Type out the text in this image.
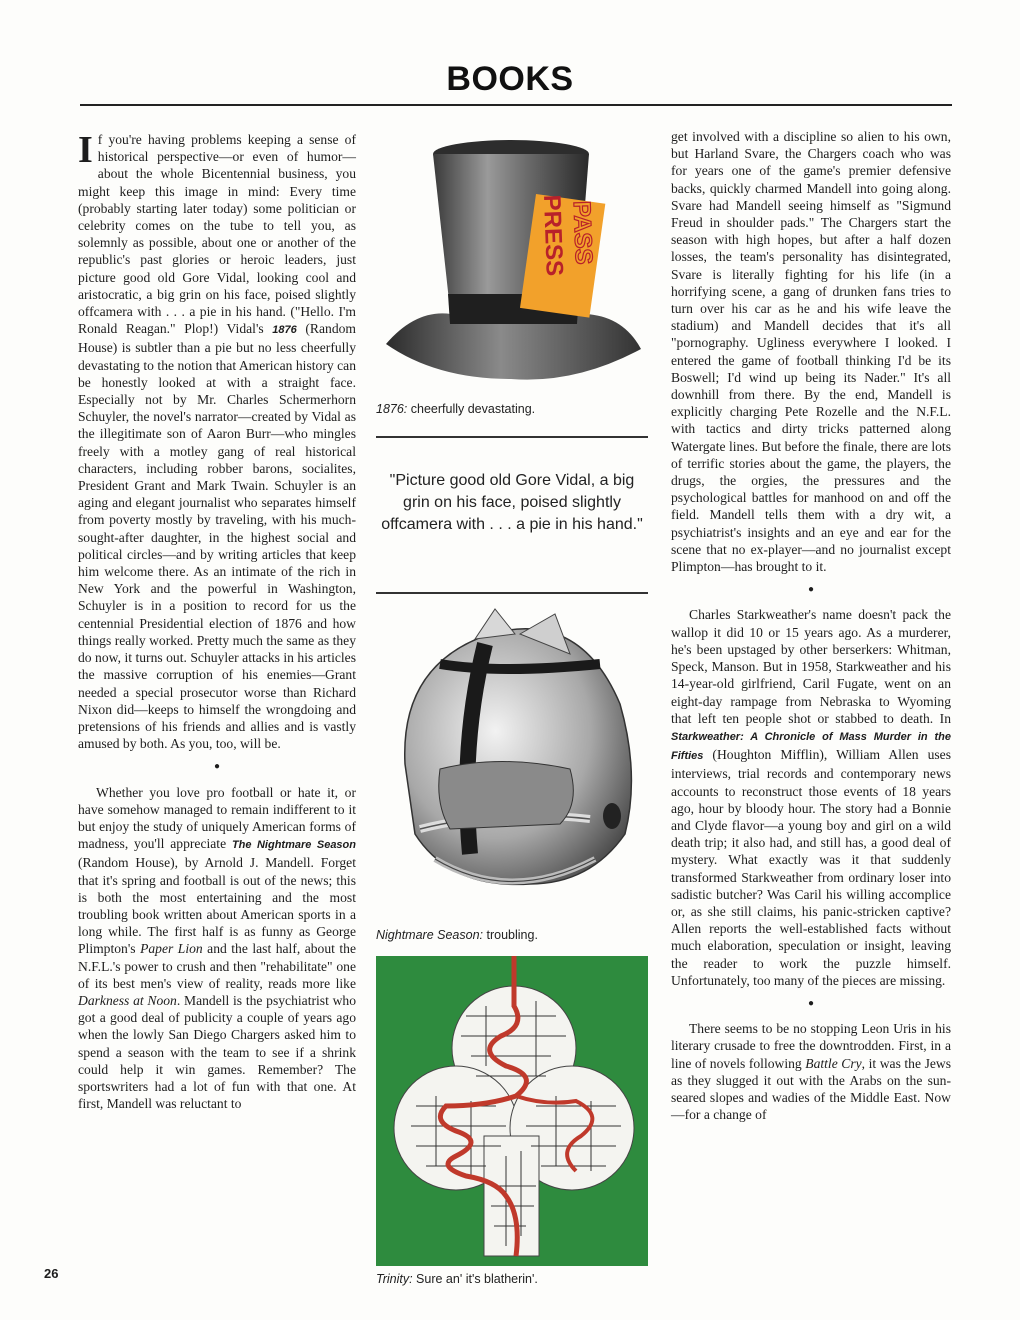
BOOKS

If you're having problems keeping a sense of historical perspective—or even of humor—about the whole Bicentennial business, you might keep this image in mind: Every time (probably starting later today) some politician or celebrity comes on the tube to tell you, as solemnly as possible, about one or another of the republic's past glories or heroic leaders, just picture good old Gore Vidal, looking cool and aristocratic, a big grin on his face, poised slightly offcamera with . . . a pie in his hand. ("Hello. I'm Ronald Reagan." Plop!) Vidal's 1876 (Random House) is subtler than a pie but no less cheerfully devastating to the notion that American history can be honestly looked at with a straight face. Especially not by Mr. Charles Schermerhorn Schuyler, the novel's narrator—created by Vidal as the illegitimate son of Aaron Burr—who mingles freely with a motley gang of real historical characters, including robber barons, socialites, President Grant and Mark Twain. Schuyler is an aging and elegant journalist who separates himself from poverty mostly by traveling, with his much-sought-after daughter, in the highest social and political circles—and by writing articles that keep him welcome there. As an intimate of the rich in New York and the powerful in Washington, Schuyler is in a position to record for us the centennial Presidential election of 1876 and how things really worked. Pretty much the same as they do now, it turns out. Schuyler attacks in his articles the massive corruption of his enemies—Grant needed a special prosecutor worse than Richard Nixon did—keeps to himself the wrongdoing and pretensions of his friends and allies and is vastly amused by both. As you, too, will be.

●

Whether you love pro football or hate it, or have somehow managed to remain indifferent to it but enjoy the study of uniquely American forms of madness, you'll appreciate The Nightmare Season (Random House), by Arnold J. Mandell. Forget that it's spring and football is out of the news; this is both the most entertaining and the most troubling book written about American sports in a long while. The first half is as funny as George Plimpton's Paper Lion and the last half, about the N.F.L.'s power to crush and then "rehabilitate" one of its best men's view of reality, reads more like Darkness at Noon. Mandell is the psychiatrist who got a good deal of publicity a couple of years ago when the lowly San Diego Chargers asked him to spend a season with the team to see if a shrink could help it win games. Remember? The sportswriters had a lot of fun with that one. At first, Mandell was reluctant to

PRESS PASS
1876: cheerfully devastating.
"Picture good old Gore Vidal, a big grin on his face, poised slightly offcamera with . . . a pie in his hand."
Nightmare Season: troubling.
Trinity: Sure an' it's blatherin'.

get involved with a discipline so alien to his own, but Harland Svare, the Chargers coach who was for years one of the game's premier defensive backs, quickly charmed Mandell into going along. Svare had Mandell seeing himself as "Sigmund Freud in shoulder pads." The Chargers start the season with high hopes, but after a half dozen losses, the team's personality has disintegrated, Svare is literally fighting for his life (in a horrifying scene, a gang of drunken fans tries to turn over his car as he and his wife leave the stadium) and Mandell decides that it's all "pornography. Ugliness everywhere I looked. I entered the game of football thinking I'd be its Boswell; I'd wind up being its Nader." It's all downhill from there. By the end, Mandell is explicitly charging Pete Rozelle and the N.F.L. with tactics and dirty tricks patterned along Watergate lines. But before the finale, there are lots of terrific stories about the game, the players, the drugs, the orgies, the pressures and the psychological battles for manhood on and off the field. Mandell tells them with a dry wit, a psychiatrist's insights and an eye and ear for the scene that no ex-player—and no journalist except Plimpton—has brought to it.

●

Charles Starkweather's name doesn't pack the wallop it did 10 or 15 years ago. As a murderer, he's been upstaged by other berserkers: Whitman, Speck, Manson. But in 1958, Starkweather and his 14-year-old girlfriend, Caril Fugate, went on an eight-day rampage from Nebraska to Wyoming that left ten people shot or stabbed to death. In Starkweather: A Chronicle of Mass Murder in the Fifties (Houghton Mifflin), William Allen uses interviews, trial records and contemporary news accounts to reconstruct those events of 18 years ago, hour by bloody hour. The story had a Bonnie and Clyde flavor—a young boy and girl on a wild death trip; it also had, and still has, a good deal of mystery. What exactly was it that suddenly transformed Starkweather from ordinary loser into sadistic butcher? Was Caril his willing accomplice or, as she still claims, his panic-stricken captive? Allen reports the well-established facts without much elaboration, speculation or insight, leaving the reader to work the puzzle himself. Unfortunately, too many of the pieces are missing.

●

There seems to be no stopping Leon Uris in his literary crusade to free the downtrodden. First, in a line of novels following Battle Cry, it was the Jews as they slugged it out with the Arabs on the sun-seared slopes and wadies of the Middle East. Now—for a change of

26
